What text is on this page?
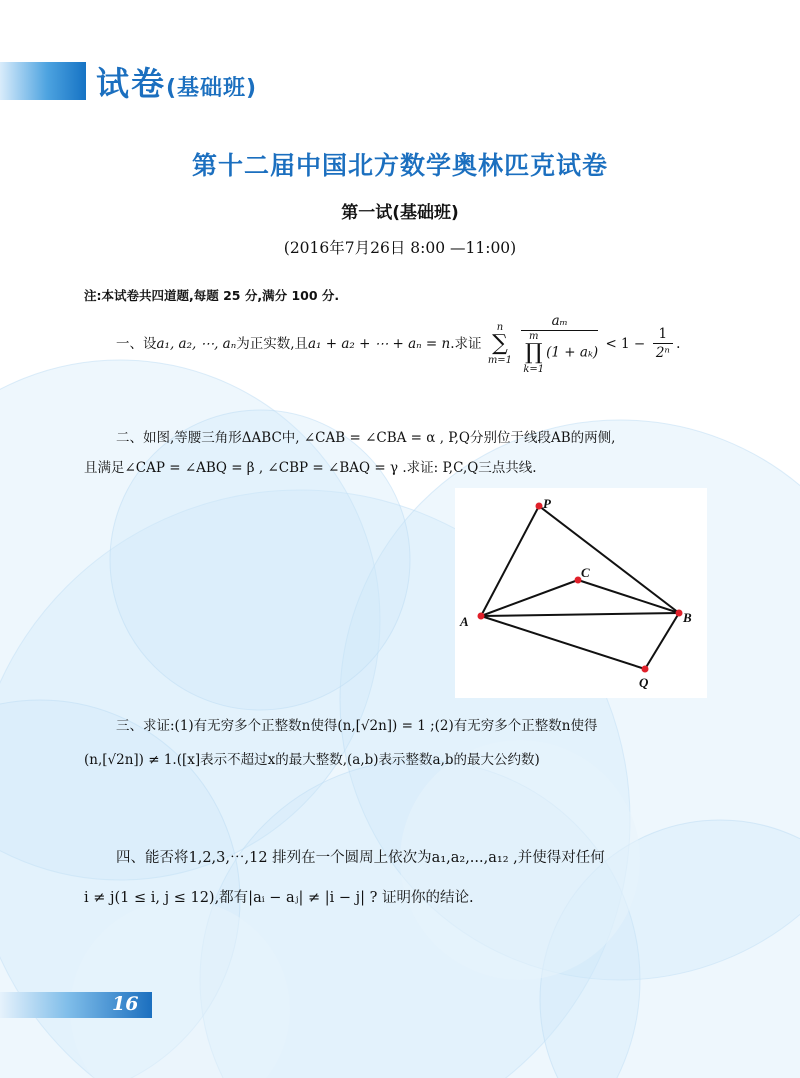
试卷(基础班)
第十二届中国北方数学奥林匹克试卷
第一试(基础班)
(2016年7月26日 8:00 —11:00)
注:本试卷共四道题,每题 25 分,满分 100 分.
一、设a₁, a₂, ⋯, aₙ为正实数,且a₁ + a₂ + ⋯ + aₙ = n.求证
n
∑
m=1
aₘ
m
∏
k=1
$(1 + a_k) < 1 - \frac{1}{\text{2ⁿ}}$ .
二、如图,等腰三角形ΔABC中, ∠CAB = ∠CBA = α , P,Q分别位于线段AB的两侧,
且满足∠CAP = ∠ABQ = β , ∠CBP = ∠BAQ = γ .求证: P,C,Q三点共线.
P
C
A	B
Q
三、求证:(1)有无穷多个正整数n使得(n,[√2n]) = 1 ;(2)有无穷多个正整数n使得
(n,[√2n]) ≠ 1.([x]表示不超过x的最大整数,(a,b)表示整数a,b的最大公约数)
四、能否将1,2,3,⋯,12 排列在一个圆周上依次为a₁,a₂,...,a₁₂ ,并使得对任何
i ≠ j(1 ≤ i, j ≤ 12),都有|aᵢ − aⱼ| ≠ |i − j| ? 证明你的结论.
16
